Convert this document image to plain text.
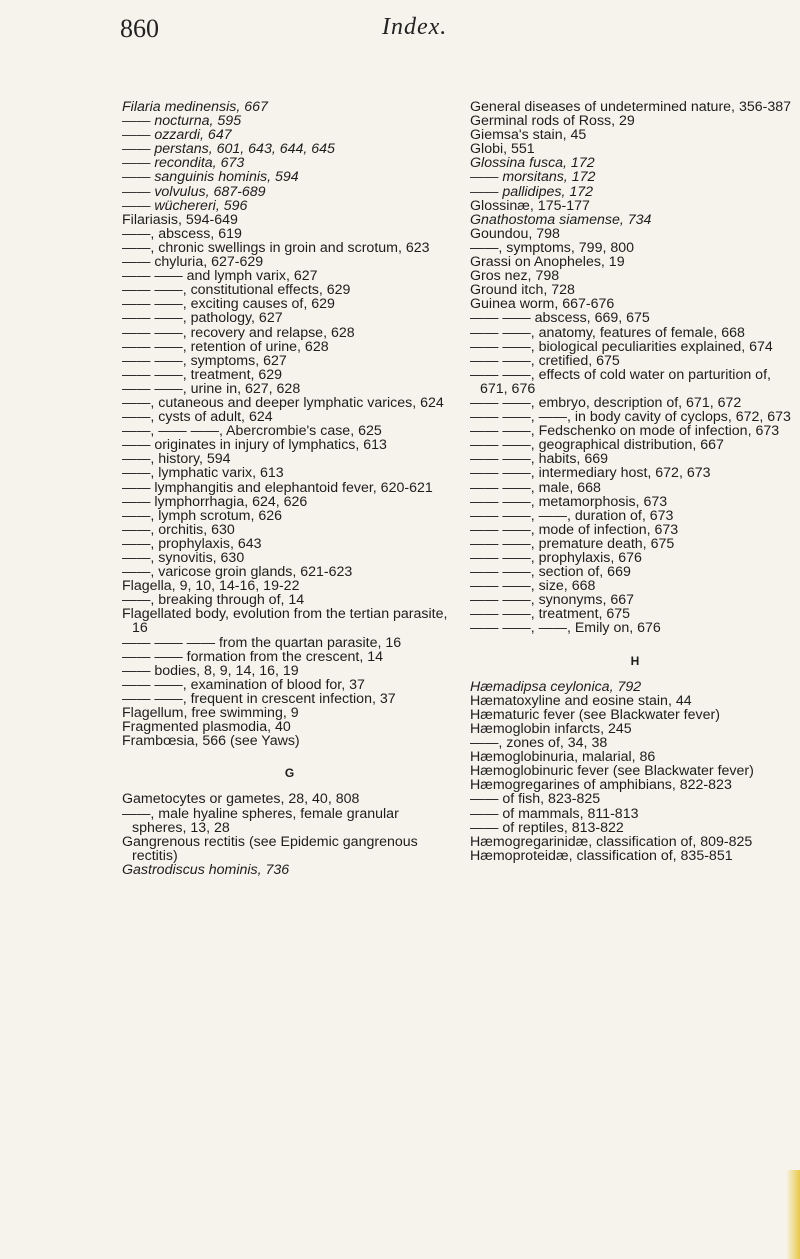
860	Index.

Filaria medinensis, 667

—— nocturna, 595

—— ozzardi, 647

—— perstans, 601, 643, 644, 645

—— recondita, 673

—— sanguinis hominis, 594

—— volvulus, 687-689

—— wüchereri, 596

Filariasis, 594-649

——, abscess, 619

——, chronic swellings in groin and scrotum, 623

—— chyluria, 627-629

—— —— and lymph varix, 627

—— ——, constitutional effects, 629

—— ——, exciting causes of, 629

—— ——, pathology, 627

—— ——, recovery and relapse, 628

—— ——, retention of urine, 628

—— ——, symptoms, 627

—— ——, treatment, 629

—— ——, urine in, 627, 628

——, cutaneous and deeper lymphatic varices, 624

——, cysts of adult, 624

——, —— ——, Abercrombie's case, 625

—— originates in injury of lymphatics, 613

——, history, 594

——, lymphatic varix, 613

—— lymphangitis and elephantoid fever, 620-621

—— lymphorrhagia, 624, 626

——, lymph scrotum, 626

——, orchitis, 630

——, prophylaxis, 643

——, synovitis, 630

——, varicose groin glands, 621-623

Flagella, 9, 10, 14-16, 19-22

——, breaking through of, 14

Flagellated body, evolution from the tertian parasite, 16

—— —— —— from the quartan parasite, 16

—— —— formation from the crescent, 14

—— bodies, 8, 9, 14, 16, 19

—— ——, examination of blood for, 37

—— ——, frequent in crescent infection, 37

Flagellum, free swimming, 9

Fragmented plasmodia, 40

Frambœsia, 566 (see Yaws)

G

Gametocytes or gametes, 28, 40, 808

——, male hyaline spheres, female granular spheres, 13, 28

Gangrenous rectitis (see Epidemic gangrenous rectitis)

Gastrodiscus hominis, 736

General diseases of undetermined nature, 356-387

Germinal rods of Ross, 29

Giemsa's stain, 45

Globi, 551

Glossina fusca, 172

—— morsitans, 172

—— pallidipes, 172

Glossinæ, 175-177

Gnathostoma siamense, 734

Goundou, 798

——, symptoms, 799, 800

Grassi on Anopheles, 19

Gros nez, 798

Ground itch, 728

Guinea worm, 667-676

—— —— abscess, 669, 675

—— ——, anatomy, features of female, 668

—— ——, biological peculiarities explained, 674

—— ——, cretified, 675

—— ——, effects of cold water on parturition of, 671, 676

—— ——, embryo, description of, 671, 672

—— ——, ——, in body cavity of cyclops, 672, 673

—— ——, Fedschenko on mode of infection, 673

—— ——, geographical distribution, 667

—— ——, habits, 669

—— ——, intermediary host, 672, 673

—— ——, male, 668

—— ——, metamorphosis, 673

—— ——, ——, duration of, 673

—— ——, mode of infection, 673

—— ——, premature death, 675

—— ——, prophylaxis, 676

—— ——, section of, 669

—— ——, size, 668

—— ——, synonyms, 667

—— ——, treatment, 675

—— ——, ——, Emily on, 676

H

Hæmadipsa ceylonica, 792

Hæmatoxyline and eosine stain, 44

Hæmaturic fever (see Blackwater fever)

Hæmoglobin infarcts, 245

——, zones of, 34, 38

Hæmoglobinuria, malarial, 86

Hæmoglobinuric fever (see Blackwater fever)

Hæmogregarines of amphibians, 822-823

—— of fish, 823-825

—— of mammals, 811-813

—— of reptiles, 813-822

Hæmogregarinidæ, classification of, 809-825

Hæmoproteidæ, classification of, 835-851
